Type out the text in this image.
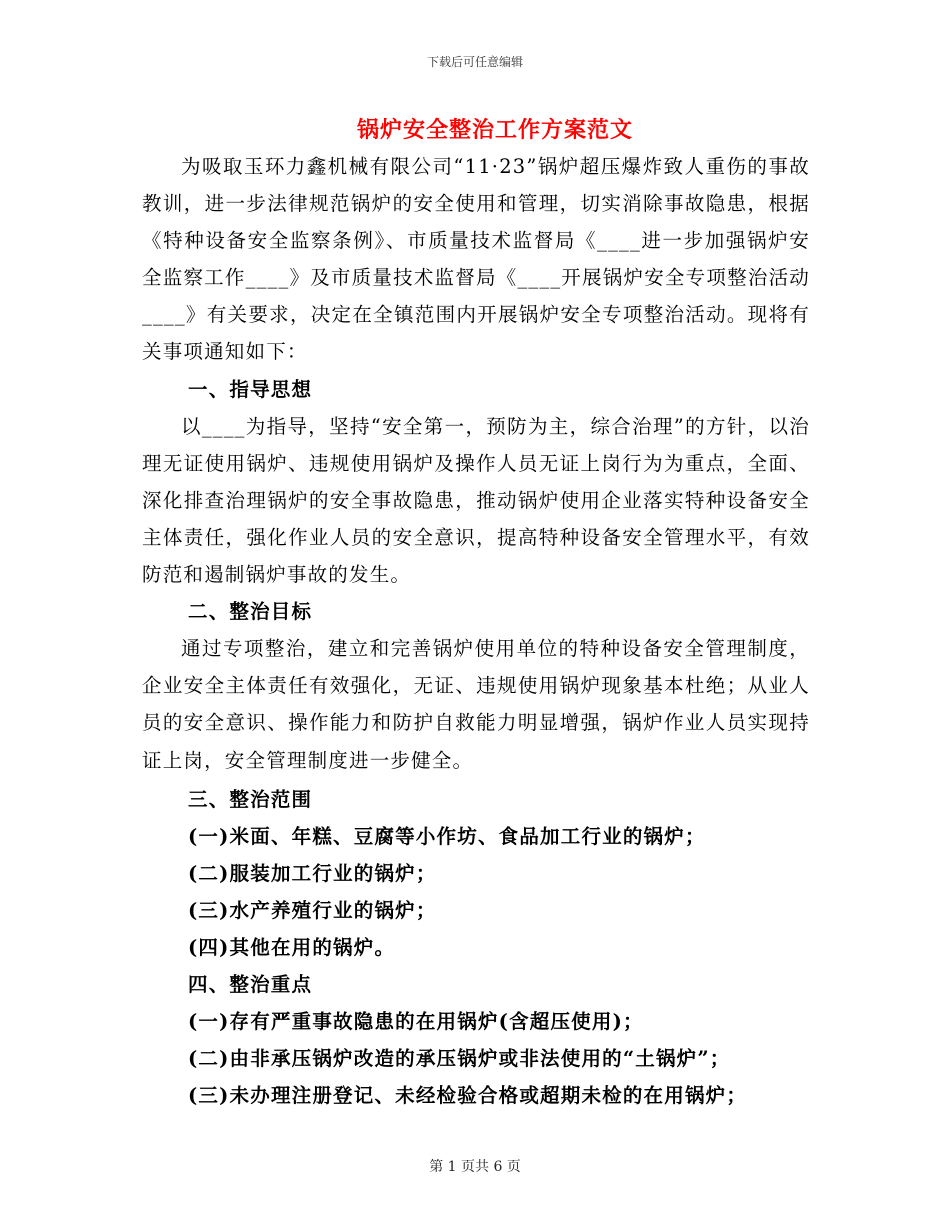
下载后可任意编辑
锅炉安全整治工作方案范文

为吸取玉环力鑫机械有限公司“11·23”锅炉超压爆炸致人重伤的事故教训，进一步法律规范锅炉的安全使用和管理，切实消除事故隐患，根据《特种设备安全监察条例》、市质量技术监督局《____进一步加强锅炉安全监察工作____》及市质量技术监督局《____开展锅炉安全专项整治活动____》有关要求，决定在全镇范围内开展锅炉安全专项整治活动。现将有关事项通知如下：

一、指导思想

以____为指导，坚持“安全第一，预防为主，综合治理”的方针，以治理无证使用锅炉、违规使用锅炉及操作人员无证上岗行为为重点，全面、深化排查治理锅炉的安全事故隐患，推动锅炉使用企业落实特种设备安全主体责任，强化作业人员的安全意识，提高特种设备安全管理水平，有效防范和遏制锅炉事故的发生。

二、整治目标

通过专项整治，建立和完善锅炉使用单位的特种设备安全管理制度，企业安全主体责任有效强化，无证、违规使用锅炉现象基本杜绝；从业人员的安全意识、操作能力和防护自救能力明显增强，锅炉作业人员实现持证上岗，安全管理制度进一步健全。

三、整治范围

(一)米面、年糕、豆腐等小作坊、食品加工行业的锅炉；

(二)服装加工行业的锅炉；

(三)水产养殖行业的锅炉；

(四)其他在用的锅炉。

四、整治重点

(一)存有严重事故隐患的在用锅炉(含超压使用)；

(二)由非承压锅炉改造的承压锅炉或非法使用的“土锅炉”；

(三)未办理注册登记、未经检验合格或超期未检的在用锅炉；

第 1 页共 6 页
